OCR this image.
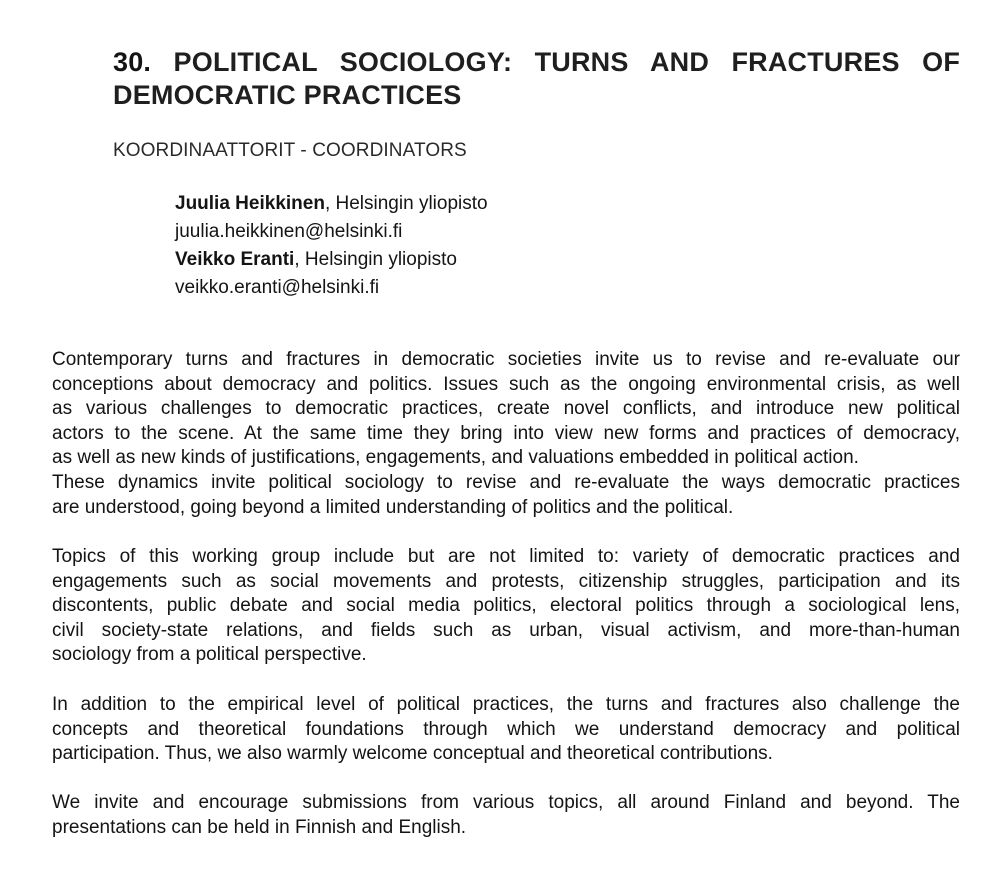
30. POLITICAL SOCIOLOGY: TURNS AND FRACTURES OF DEMOCRATIC PRACTICES

KOORDINAATTORIT - COORDINATORS

Juulia Heikkinen, Helsingin yliopisto
juulia.heikkinen@helsinki.fi
Veikko Eranti, Helsingin yliopisto
veikko.eranti@helsinki.fi
Contemporary turns and fractures in democratic societies invite us to revise and re-evaluate our
conceptions about democracy and politics. Issues such as the ongoing environmental crisis, as well
as various challenges to democratic practices, create novel conflicts, and introduce new political
actors to the scene. At the same time they bring into view new forms and practices of democracy,
as well as new kinds of justifications, engagements, and valuations embedded in political action.
These dynamics invite political sociology to revise and re-evaluate the ways democratic practices
are understood, going beyond a limited understanding of politics and the political.
Topics of this working group include but are not limited to: variety of democratic practices and
engagements such as social movements and protests, citizenship struggles, participation and its
discontents, public debate and social media politics, electoral politics through a sociological lens,
civil society-state relations, and fields such as urban, visual activism, and more-than-human
sociology from a political perspective.
In addition to the empirical level of political practices, the turns and fractures also challenge the
concepts and theoretical foundations through which we understand democracy and political
participation. Thus, we also warmly welcome conceptual and theoretical contributions.
We invite and encourage submissions from various topics, all around Finland and beyond. The
presentations can be held in Finnish and English.
